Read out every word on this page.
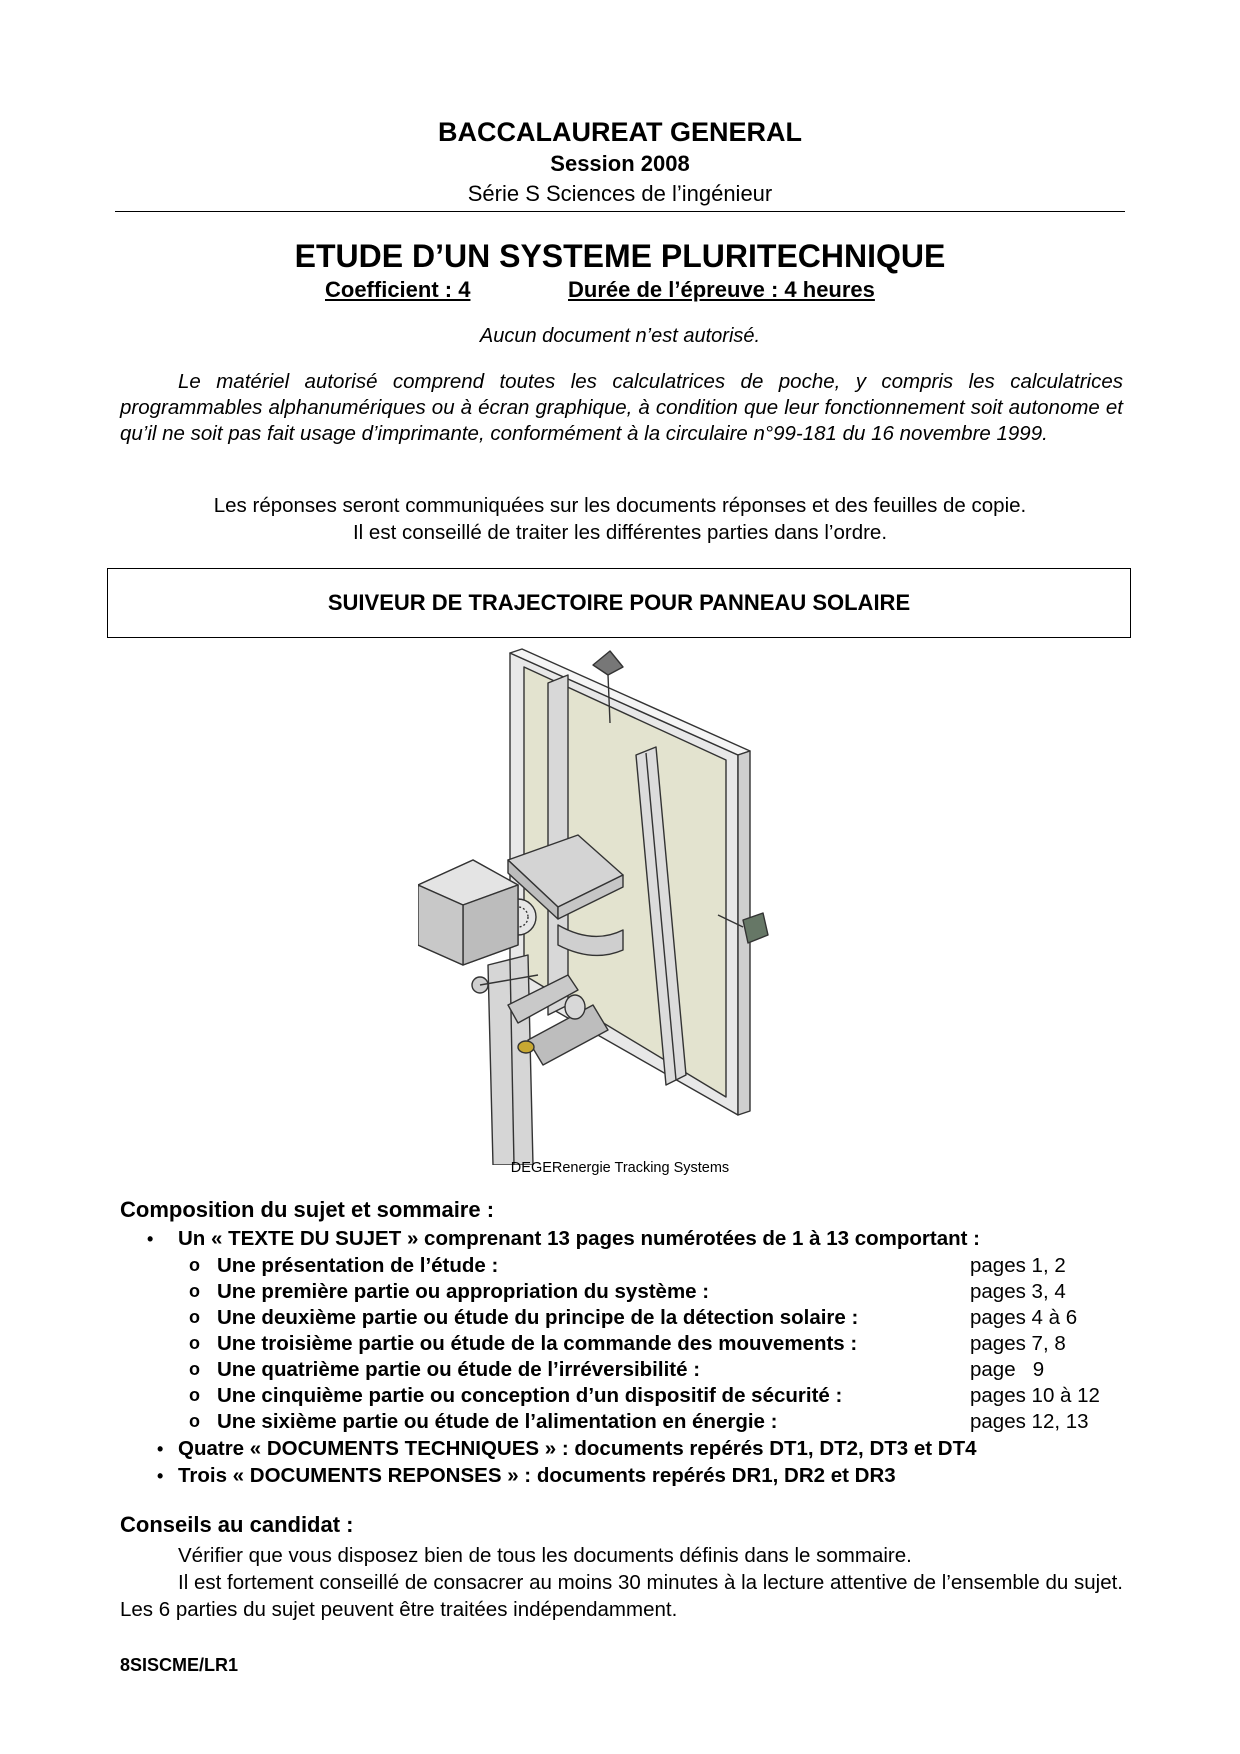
BACCALAUREAT GENERAL
Session 2008
Série S Sciences de l’ingénieur
ETUDE D’UN SYSTEME PLURITECHNIQUE
Coefficient : 4	Durée de l’épreuve : 4 heures
Aucun document n’est autorisé.
Le matériel autorisé comprend toutes les calculatrices de poche, y compris les calculatrices programmables alphanumériques ou à écran graphique, à condition que leur fonctionnement soit autonome et qu’il ne soit pas fait usage d’imprimante, conformément à la circulaire n°99-181 du 16 novembre 1999.
Les réponses seront communiquées sur les documents réponses et des feuilles de copie.
Il est conseillé de traiter les différentes parties dans l’ordre.
SUIVEUR DE TRAJECTOIRE POUR PANNEAU SOLAIRE
DEGERenergie Tracking Systems
Composition du sujet et sommaire :
• Un « TEXTE DU SUJET » comprenant 13 pages numérotées de 1 à 13 comportant :
o Une présentation de l’étude :	pages 1, 2
o Une première partie ou appropriation du système :	pages 3, 4
o Une deuxième partie ou étude du principe de la détection solaire :	pages 4 à 6
o Une troisième partie ou étude de la commande des mouvements :	pages 7, 8
o Une quatrième partie ou étude de l’irréversibilité :	page   9
o Une cinquième partie ou conception d’un dispositif de sécurité :	pages 10 à 12
o Une sixième partie ou étude de l’alimentation en énergie :	pages 12, 13
• Quatre « DOCUMENTS TECHNIQUES » : documents repérés DT1, DT2, DT3 et DT4
• Trois « DOCUMENTS REPONSES » : documents repérés DR1, DR2 et DR3
Conseils au candidat :
Vérifier que vous disposez bien de tous les documents définis dans le sommaire.
Il est fortement conseillé de consacrer au moins 30 minutes à la lecture attentive de l’ensemble du sujet. Les 6 parties du sujet peuvent être traitées indépendamment.
8SISCME/LR1
